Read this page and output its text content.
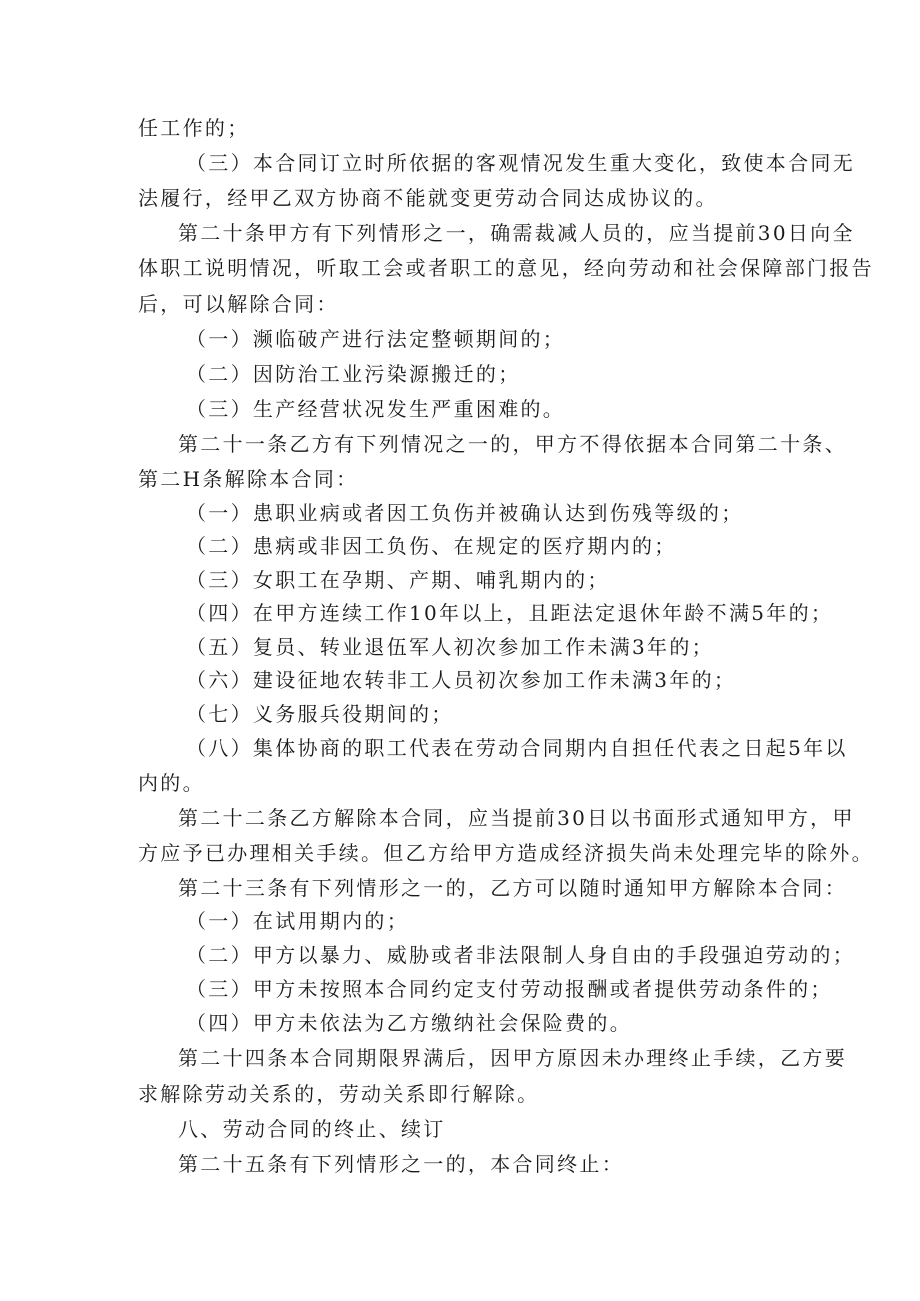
任工作的；
（三）本合同订立时所依据的客观情况发生重大变化，致使本合同无
法履行，经甲乙双方协商不能就变更劳动合同达成协议的。
第二十条甲方有下列情形之一，确需裁减人员的，应当提前30日向全
体职工说明情况，听取工会或者职工的意见，经向劳动和社会保障部门报告
后，可以解除合同：
（一）濒临破产进行法定整顿期间的；
（二）因防治工业污染源搬迁的；
（三）生产经营状况发生严重困难的。
第二十一条乙方有下列情况之一的，甲方不得依据本合同第二十条、
第二H条解除本合同：
（一）患职业病或者因工负伤并被确认达到伤残等级的；
（二）患病或非因工负伤、在规定的医疗期内的；
（三）女职工在孕期、产期、哺乳期内的；
（四）在甲方连续工作10年以上，且距法定退休年龄不满5年的；
（五）复员、转业退伍军人初次参加工作未满3年的；
（六）建设征地农转非工人员初次参加工作未满3年的；
（七）义务服兵役期间的；
（八）集体协商的职工代表在劳动合同期内自担任代表之日起5年以
内的。
第二十二条乙方解除本合同，应当提前30日以书面形式通知甲方，甲
方应予已办理相关手续。但乙方给甲方造成经济损失尚未处理完毕的除外。
第二十三条有下列情形之一的，乙方可以随时通知甲方解除本合同：
（一）在试用期内的；
（二）甲方以暴力、威胁或者非法限制人身自由的手段强迫劳动的；
（三）甲方未按照本合同约定支付劳动报酬或者提供劳动条件的；
（四）甲方未依法为乙方缴纳社会保险费的。
第二十四条本合同期限界满后，因甲方原因未办理终止手续，乙方要
求解除劳动关系的，劳动关系即行解除。
八、劳动合同的终止、续订
第二十五条有下列情形之一的，本合同终止：
